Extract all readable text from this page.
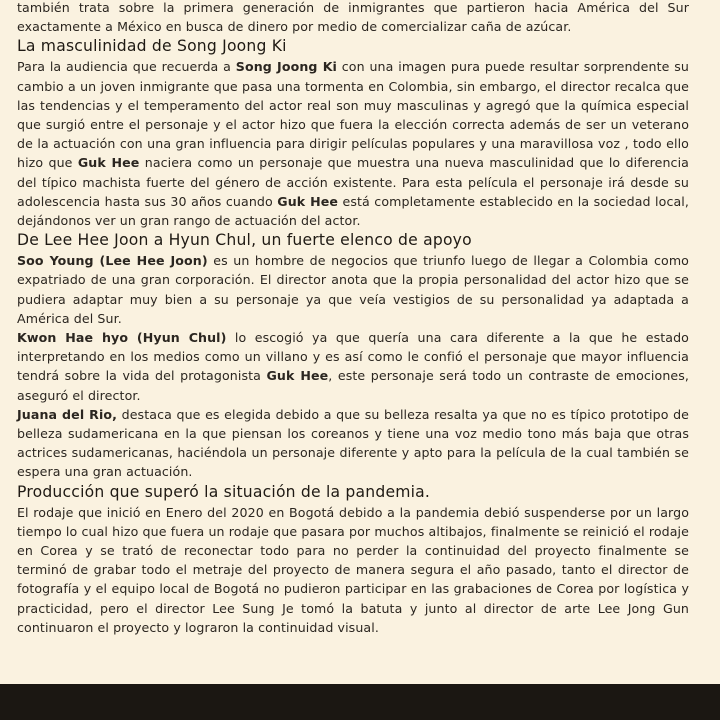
también trata sobre la primera generación de inmigrantes que partieron hacia América del Sur exactamente a México en busca de dinero por medio de comercializar caña de azúcar.

La masculinidad de Song Joong Ki

Para la audiencia que recuerda a Song Joong Ki con una imagen pura puede resultar sorprendente su cambio a un joven inmigrante que pasa una tormenta en Colombia, sin embargo, el director recalca que las tendencias y el temperamento del actor real son muy masculinas y agregó que la química especial que surgió entre el personaje y el actor hizo que fuera la elección correcta además de ser un veterano de la actuación con una gran influencia para dirigir películas populares y una maravillosa voz , todo ello hizo que Guk Hee naciera como un personaje que muestra una nueva masculinidad que lo diferencia del típico machista fuerte del género de acción existente. Para esta película el personaje irá desde su adolescencia hasta sus 30 años cuando Guk Hee está completamente establecido en la sociedad local, dejándonos ver un gran rango de actuación del actor.

De Lee Hee Joon a Hyun Chul, un fuerte elenco de apoyo

Soo Young (Lee Hee Joon) es un hombre de negocios que triunfo luego de llegar a Colombia como expatriado de una gran corporación. El director anota que la propia personalidad del actor hizo que se pudiera adaptar muy bien a su personaje ya que veía vestigios de su personalidad ya adaptada a América del Sur.

Kwon Hae hyo (Hyun Chul) lo escogió ya que quería una cara diferente a la que he estado interpretando en los medios como un villano y es así como le confió el personaje que mayor influencia tendrá sobre la vida del protagonista Guk Hee, este personaje será todo un contraste de emociones, aseguró el director.

Juana del Rio, destaca que es elegida debido a que su belleza resalta ya que no es típico prototipo de belleza sudamericana en la que piensan los coreanos y tiene una voz medio tono más baja que otras actrices sudamericanas, haciéndola un personaje diferente y apto para la película de la cual también se espera una gran actuación.

Producción que superó la situación de la pandemia.

El rodaje que inició en Enero del 2020 en Bogotá debido a la pandemia debió suspenderse por un largo tiempo lo cual hizo que fuera un rodaje que pasara por muchos altibajos, finalmente se reinició el rodaje en Corea y se trató de reconectar todo para no perder la continuidad del proyecto finalmente se terminó de grabar todo el metraje del proyecto de manera segura el año pasado, tanto el director de fotografía y el equipo local de Bogotá no pudieron participar en las grabaciones de Corea por logística y practicidad, pero el director Lee Sung Je tomó la batuta y junto al director de arte Lee Jong Gun continuaron el proyecto y lograron la continuidad visual.
